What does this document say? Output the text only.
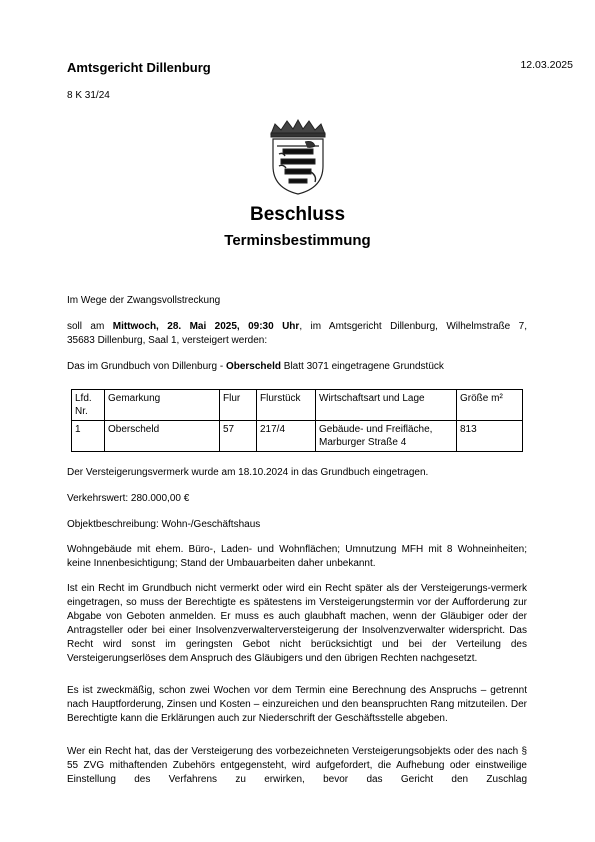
Amtsgericht Dillenburg	12.03.2025
8 K 31/24
Beschluss
Terminsbestimmung
Im Wege der Zwangsvollstreckung
soll am Mittwoch, 28. Mai 2025, 09:30 Uhr, im Amtsgericht Dillenburg, Wilhelmstraße 7,
35683 Dillenburg, Saal 1, versteigert werden:
Das im Grundbuch von Dillenburg - Oberscheld Blatt 3071 eingetragene Grundstück
Lfd. Nr.	Gemarkung	Flur	Flurstück	Wirtschaftsart und Lage	Größe m²
1	Oberscheld	57	217/4	Gebäude- und Freifläche, Marburger Straße 4	813
Der Versteigerungsvermerk wurde am 18.10.2024 in das Grundbuch eingetragen.
Verkehrswert: 280.000,00 €
Objektbeschreibung: Wohn-/Geschäftshaus
Wohngebäude mit ehem. Büro-, Laden- und Wohnflächen; Umnutzung MFH mit 8 Wohneinheiten; keine Innenbesichtigung; Stand der Umbauarbeiten daher unbekannt.
Ist ein Recht im Grundbuch nicht vermerkt oder wird ein Recht später als der Versteigerungs-vermerk eingetragen, so muss der Berechtigte es spätestens im Versteigerungstermin vor der Aufforderung zur Abgabe von Geboten anmelden. Er muss es auch glaubhaft machen, wenn der Gläubiger oder der Antragsteller oder bei einer Insolvenzverwalterversteigerung der Insolvenzverwalter widerspricht. Das Recht wird sonst im geringsten Gebot nicht berücksichtigt und bei der Verteilung des Versteigerungserlöses dem Anspruch des Gläubigers und den übrigen Rechten nachgesetzt.
Es ist zweckmäßig, schon zwei Wochen vor dem Termin eine Berechnung des Anspruchs – getrennt nach Hauptforderung, Zinsen und Kosten – einzureichen und den beanspruchten Rang mitzuteilen. Der Berechtigte kann die Erklärungen auch zur Niederschrift der Geschäftsstelle abgeben.
Wer ein Recht hat, das der Versteigerung des vorbezeichneten Versteigerungsobjekts oder des nach § 55 ZVG mithaftenden Zubehörs entgegensteht, wird aufgefordert, die Aufhebung oder einstweilige Einstellung des Verfahrens zu erwirken, bevor das Gericht den Zuschlag
